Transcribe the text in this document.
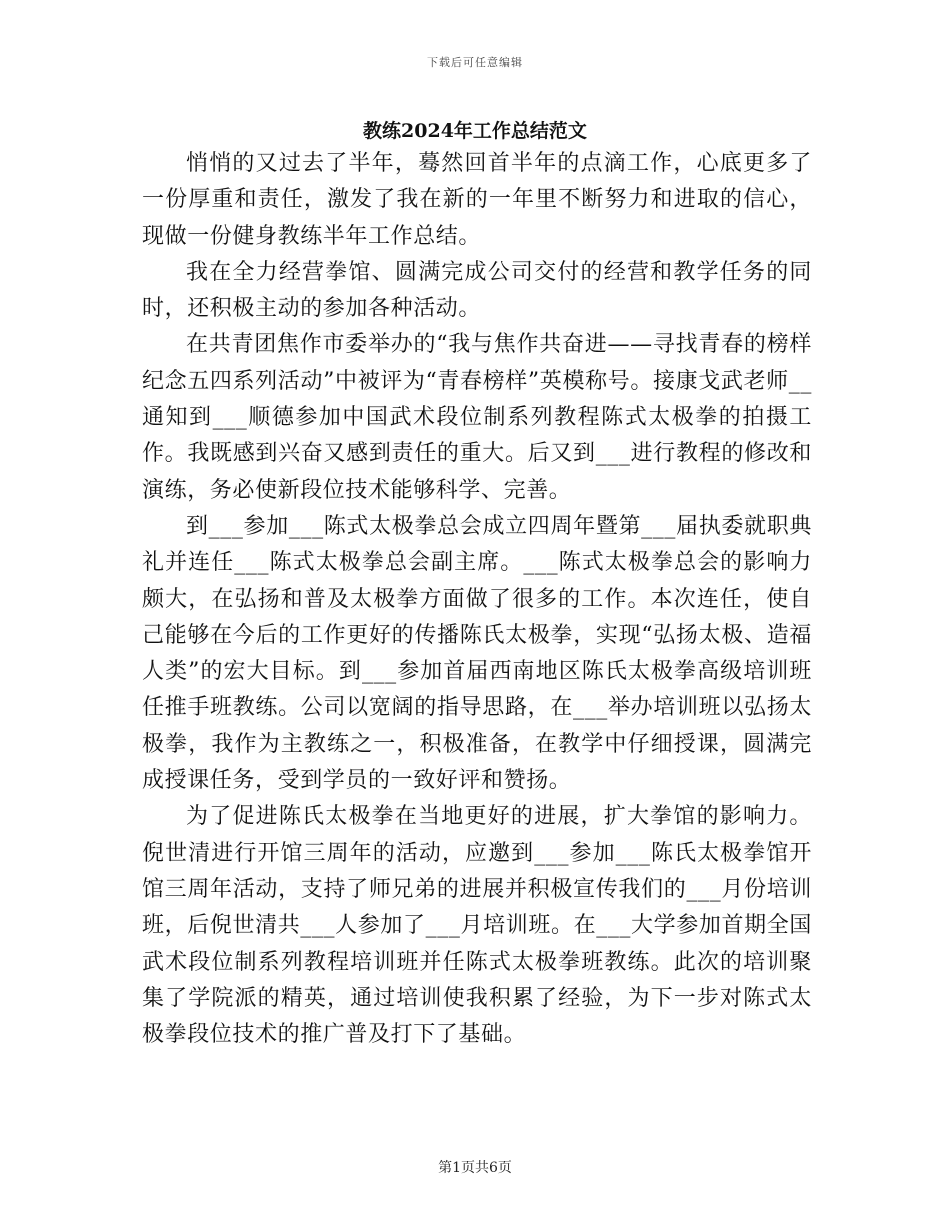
下载后可任意编辑
教练2024年工作总结范文

悄悄的又过去了半年，蓦然回首半年的点滴工作，心底更多了一份厚重和责任，激发了我在新的一年里不断努力和进取的信心，现做一份健身教练半年工作总结。

我在全力经营拳馆、圆满完成公司交付的经营和教学任务的同时，还积极主动的参加各种活动。

在共青团焦作市委举办的“我与焦作共奋进——寻找青春的榜样纪念五四系列活动”中被评为“青春榜样”英模称号。接康戈武老师__通知到___顺德参加中国武术段位制系列教程陈式太极拳的拍摄工作。我既感到兴奋又感到责任的重大。后又到___进行教程的修改和演练，务必使新段位技术能够科学、完善。

到___参加___陈式太极拳总会成立四周年暨第___届执委就职典礼并连任___陈式太极拳总会副主席。___陈式太极拳总会的影响力颇大，在弘扬和普及太极拳方面做了很多的工作。本次连任，使自己能够在今后的工作更好的传播陈氏太极拳，实现“弘扬太极、造福人类”的宏大目标。到___参加首届西南地区陈氏太极拳高级培训班任推手班教练。公司以宽阔的指导思路，在___举办培训班以弘扬太极拳，我作为主教练之一，积极准备，在教学中仔细授课，圆满完成授课任务，受到学员的一致好评和赞扬。

为了促进陈氏太极拳在当地更好的进展，扩大拳馆的影响力。倪世清进行开馆三周年的活动，应邀到___参加___陈氏太极拳馆开馆三周年活动，支持了师兄弟的进展并积极宣传我们的___月份培训班，后倪世清共___人参加了___月培训班。在___大学参加首期全国武术段位制系列教程培训班并任陈式太极拳班教练。此次的培训聚集了学院派的精英，通过培训使我积累了经验，为下一步对陈式太极拳段位技术的推广普及打下了基础。

第1页共6页
